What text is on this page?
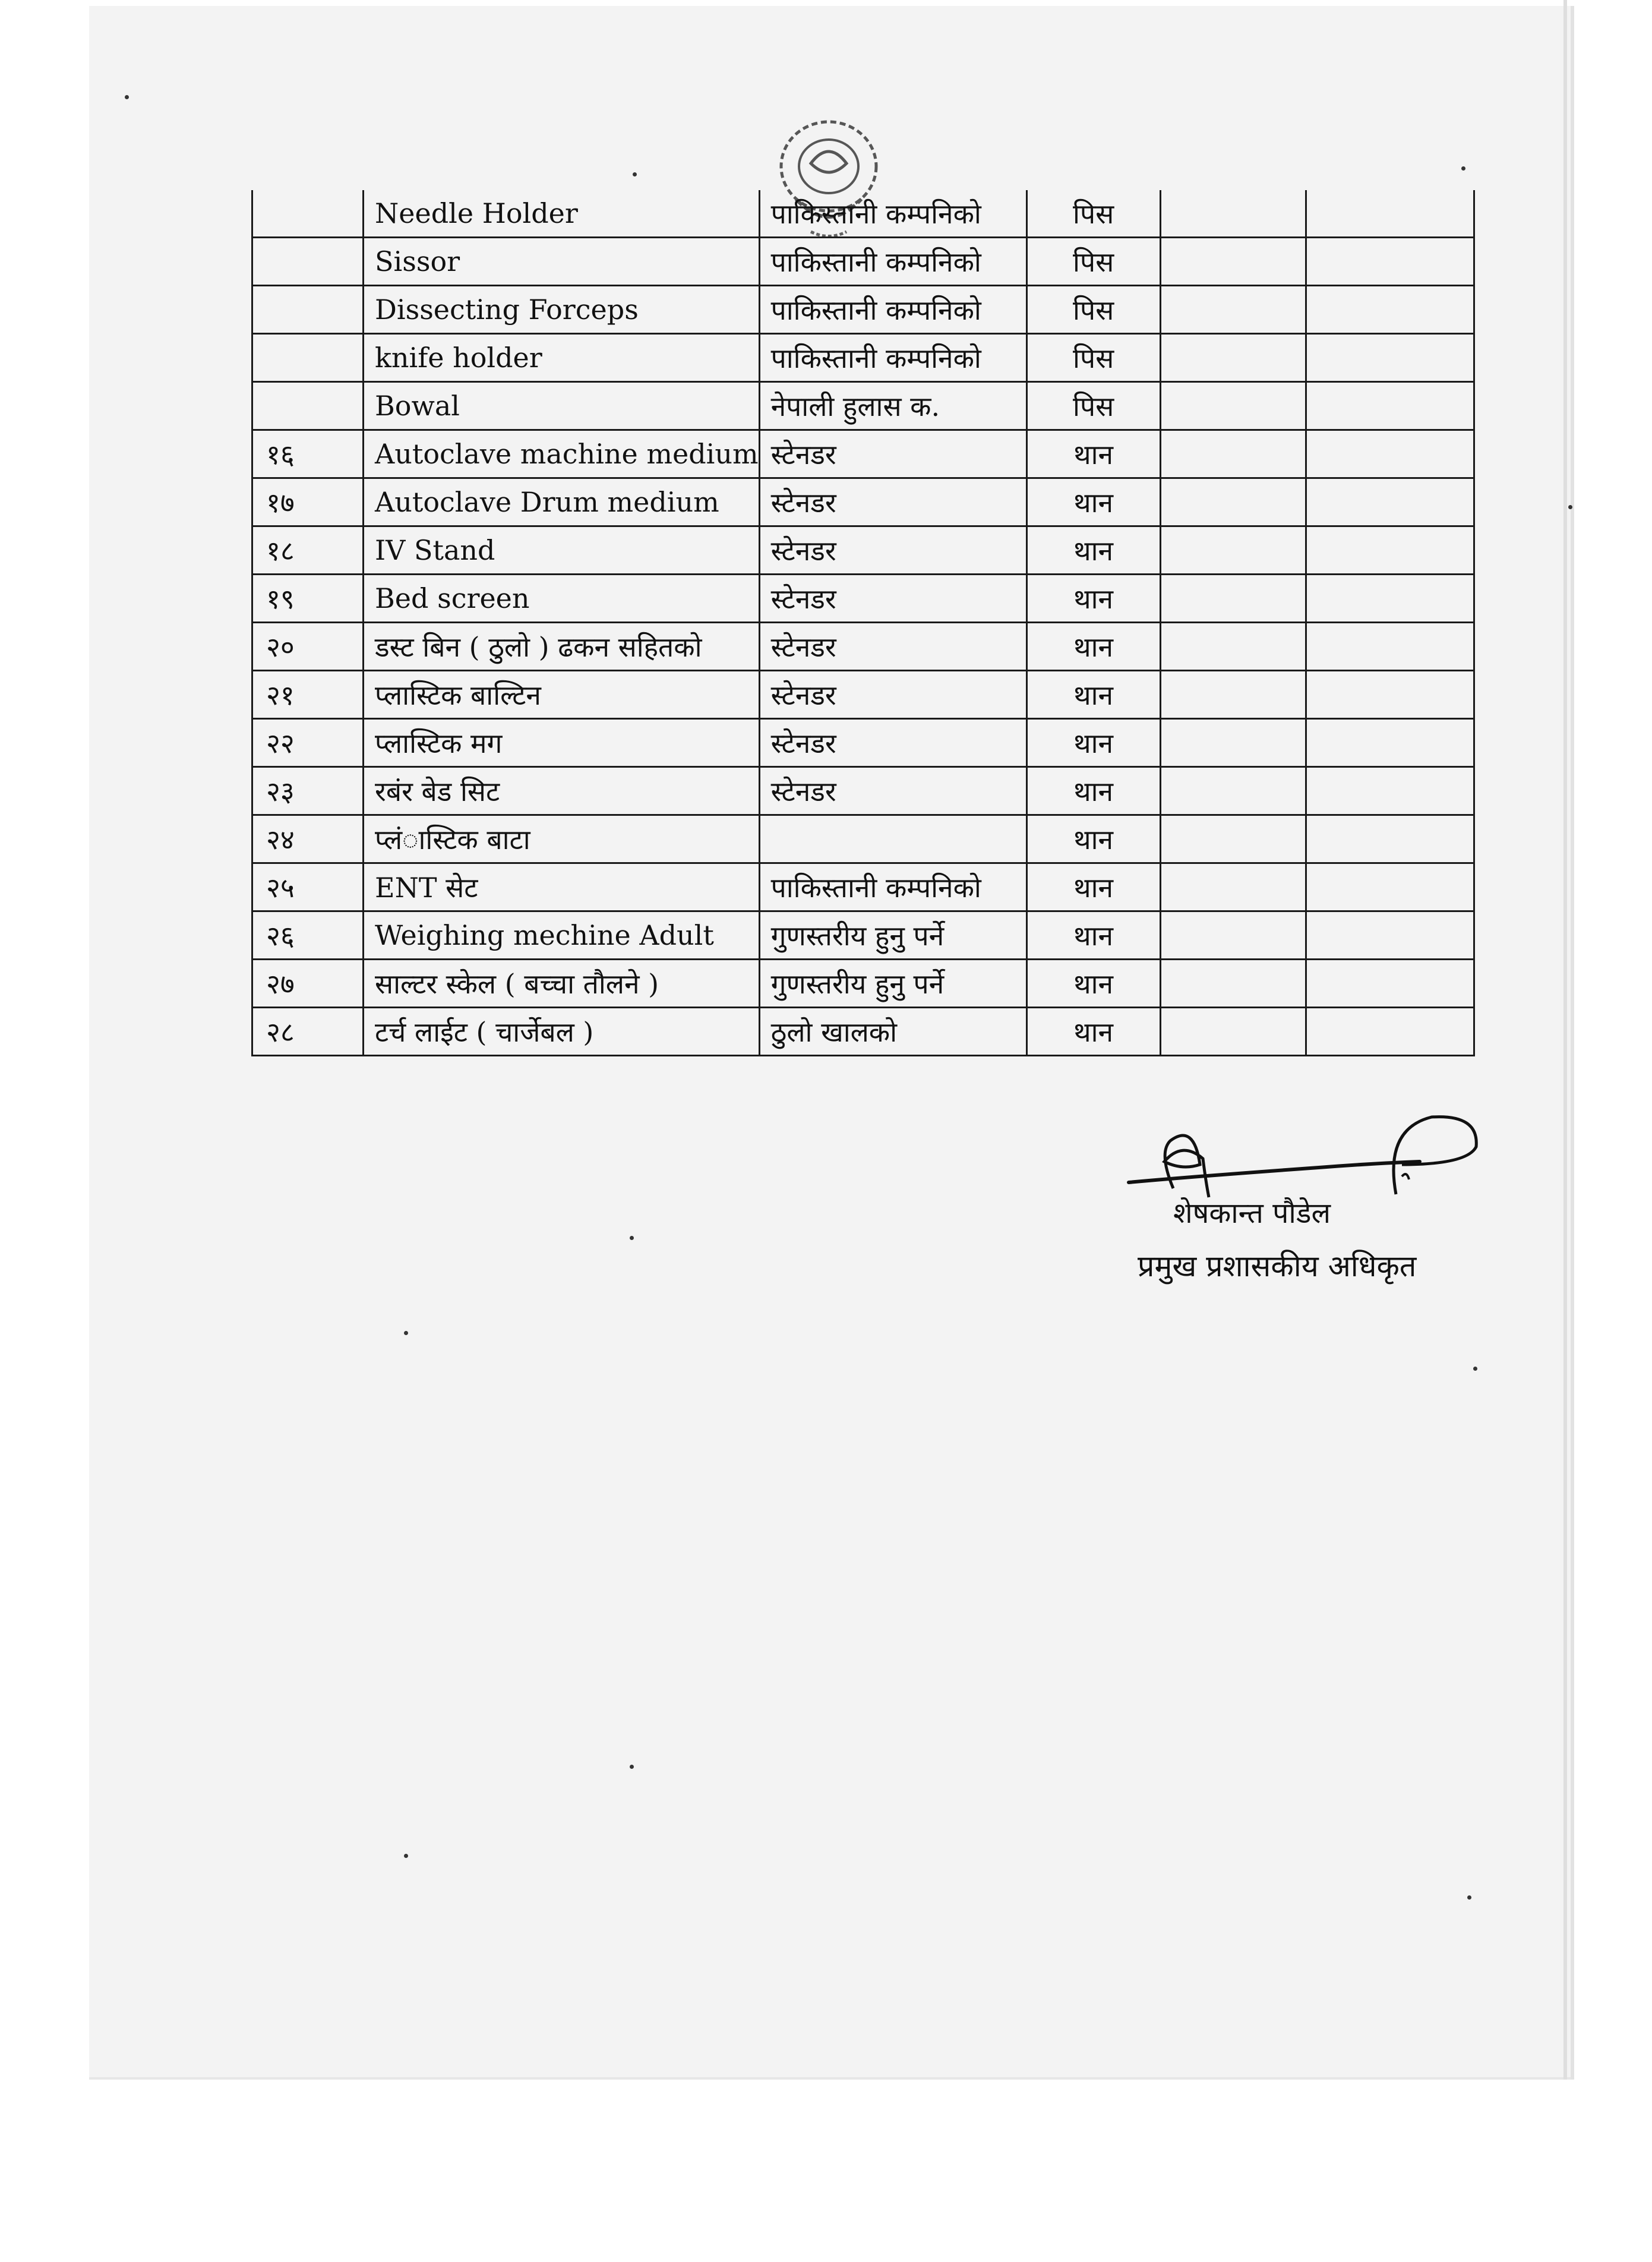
	Needle Holder	पाकिस्तानी कम्पनिको	पिस		
	Sissor	पाकिस्तानी कम्पनिको	पिस		
	Dissecting Forceps	पाकिस्तानी कम्पनिको	पिस		
	knife holder	पाकिस्तानी कम्पनिको	पिस		
	Bowal	नेपाली हुलास क.	पिस		
१६	Autoclave machine medium	स्टेनडर	थान		
१७	Autoclave Drum medium	स्टेनडर	थान		
१८	IV Stand	स्टेनडर	थान		
१९	Bed screen	स्टेनडर	थान		
२०	डस्ट बिन ( ठुलो ) ढकन सहितको	स्टेनडर	थान		
२१	प्लास्टिक बाल्टिन	स्टेनडर	थान		
२२	प्लास्टिक मग	स्टेनडर	थान		
२३	रबंर बेड सिट	स्टेनडर	थान		
२४	प्लंास्टिक बाटा		थान		
२५	ENT सेट	पाकिस्तानी कम्पनिको	थान		
२६	Weighing mechine Adult	गुणस्तरीय हुनु पर्ने	थान		
२७	साल्टर स्केल ( बच्चा तौलने )	गुणस्तरीय हुनु पर्ने	थान		
२८	टर्च लाईट ( चार्जेबल )	ठुलो खालको	थान		
शेषकान्त पौडेल
प्रमुख प्रशासकीय अधिकृत
